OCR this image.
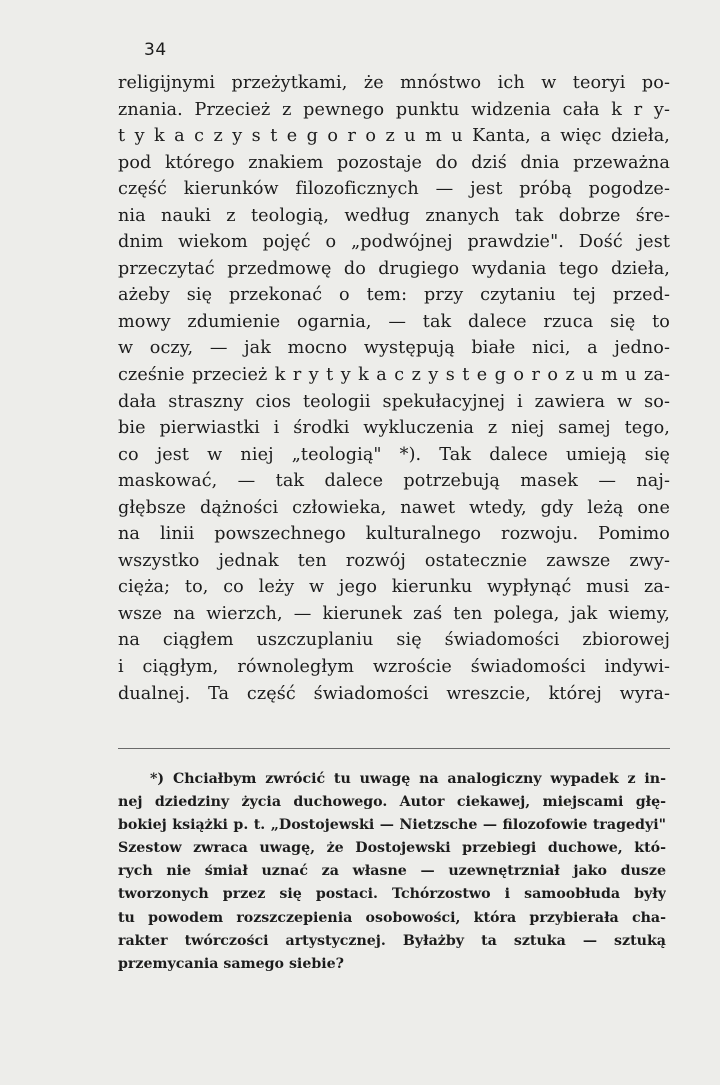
34
religijnymi przeżytkami, że mnóstwo ich w teoryi po-
znania. Przecież z pewnego punktu widzenia cała k r y-
t y k a c z y s t e g o r o z u m u Kanta, a więc dzieła,
pod którego znakiem pozostaje do dziś dnia przeważna
część kierunków filozoficznych — jest próbą pogodze-
nia nauki z teologią, według znanych tak dobrze śre-
dnim wiekom pojęć o „podwójnej prawdzie". Dość jest
przeczytać przedmowę do drugiego wydania tego dzieła,
ażeby się przekonać o tem: przy czytaniu tej przed-
mowy zdumienie ogarnia, — tak dalece rzuca się to
w oczy, — jak mocno występują białe nici, a jedno-
cześnie przecież k r y t y k a c z y s t e g o r o z u m u za-
dała straszny cios teologii spekułacyjnej i zawiera w so-
bie pierwiastki i środki wykluczenia z niej samej tego,
co jest w niej „teologią" *). Tak dalece umieją się
maskować, — tak dalece potrzebują masek — naj-
głębsze dążności człowieka, nawet wtedy, gdy leżą one
na linii powszechnego kulturalnego rozwoju. Pomimo
wszystko jednak ten rozwój ostatecznie zawsze zwy-
cięża; to, co leży w jego kierunku wypłynąć musi za-
wsze na wierzch, — kierunek zaś ten polega, jak wiemy,
na ciągłem uszczuplaniu się świadomości zbiorowej
i ciągłym, równoległym wzroście świadomości indywi-
dualnej. Ta część świadomości wreszcie, której wyra-
*) Chciałbym zwrócić tu uwagę na analogiczny wypadek z in-
nej dziedziny życia duchowego. Autor ciekawej, miejscami głę-
bokiej książki p. t. „Dostojewski — Nietzsche — filozofowie tragedyi"
Szestow zwraca uwagę, że Dostojewski przebiegi duchowe, któ-
rych nie śmiał uznać za własne — uzewnętrzniał jako dusze
tworzonych przez się postaci. Tchórzostwo i samoobłuda były
tu powodem rozszczepienia osobowości, która przybierała cha-
rakter twórczości artystycznej. Byłażby ta sztuka — sztuką
przemycania samego siebie?
